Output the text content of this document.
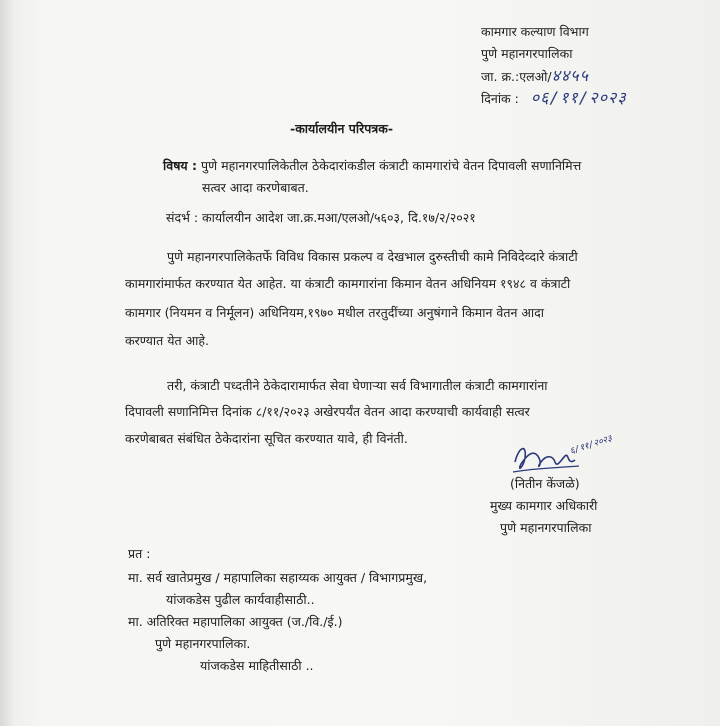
कामगार कल्याण विभाग
पुणे महानगरपालिका
जा. क्र.:एलओ/४४५५
दिनांक : ०६/११/२०२३
-कार्यालयीन परिपत्रक-
विषय : पुणे महानगरपालिकेतील ठेकेदारांकडील कंत्राटी कामगारांचे वेतन दिपावली सणानिमित्त
सत्वर आदा करणेबाबत.
संदर्भ : कार्यालयीन आदेश जा.क्र.मआ/एलओ/५६०३, दि.१७/२/२०२१
पुणे महानगरपालिकेतर्फे विविध विकास प्रकल्प व देखभाल दुरुस्तीची कामे निविदेव्दारे कंत्राटी
कामगारांमार्फत करण्यात येत आहेत. या कंत्राटी कामगारांना किमान वेतन अधिनियम १९४८ व कंत्राटी
कामगार (नियमन व निर्मूलन) अधिनियम,१९७० मधील तरतुदींच्या अनुषंगाने किमान वेतन आदा
करण्यात येत आहे.
तरी, कंत्राटी पध्दतीने ठेकेदारामार्फत सेवा घेणाऱ्या सर्व विभागातील कंत्राटी कामगारांना
दिपावली सणानिमित्त दिनांक ८/११/२०२३ अखेरपर्यंत वेतन आदा करण्याची कार्यवाही सत्वर
करणेबाबत संबंधित ठेकेदारांना सूचित करण्यात यावे, ही विनंती.	६/११/२०२३
(नितीन केंजळे)
मुख्य कामगार अधिकारी
पुणे महानगरपालिका
प्रत :
मा. सर्व खातेप्रमुख / महापालिका सहाय्यक आयुक्त / विभागप्रमुख,
यांजकडेस पुढील कार्यवाहीसाठी..
मा. अतिरिक्त महापालिका आयुक्त (ज./वि./ई.)
पुणे महानगरपालिका.
यांजकडेस माहितीसाठी ..
